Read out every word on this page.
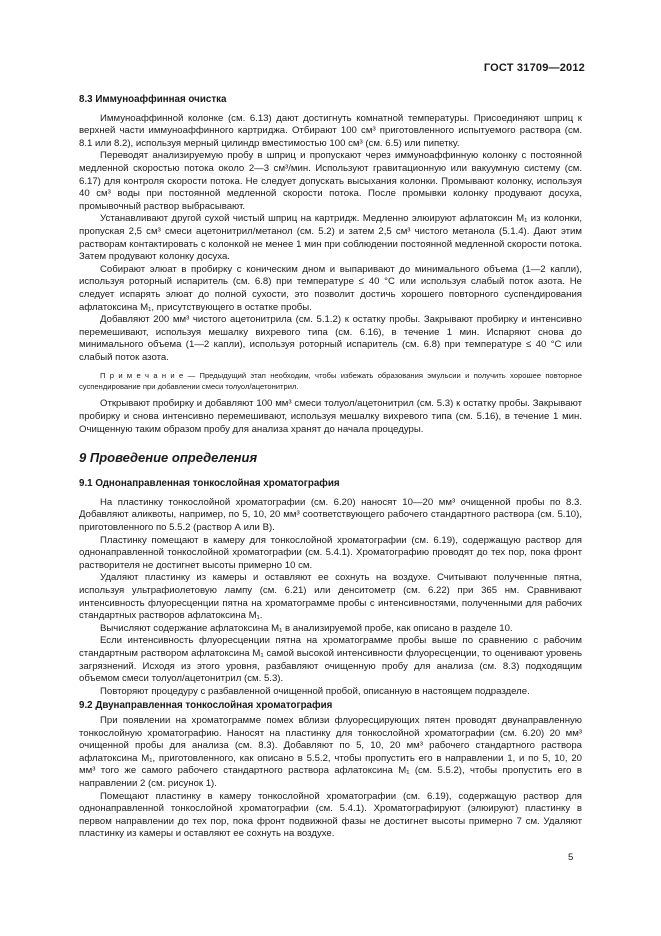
ГОСТ 31709—2012

8.3 Иммуноаффинная очистка

Иммуноаффинной колонке (см. 6.13) дают достигнуть комнатной температуры. Присоединяют шприц к верхней части иммуноаффинного картриджа. Отбирают 100 см³ приготовленного испытуемого раствора (см. 8.1 или 8.2), используя мерный цилиндр вместимостью 100 см³ (см. 6.5) или пипетку.

Переводят анализируемую пробу в шприц и пропускают через иммуноаффинную колонку с постоянной медленной скоростью потока около 2—3 см³/мин. Используют гравитационную или вакуумную систему (см. 6.17) для контроля скорости потока. Не следует допускать высыхания колонки. Промывают колонку, используя 40 см³ воды при постоянной медленной скорости потока. После промывки колонку продувают досуха, промывочный раствор выбрасывают.

Устанавливают другой сухой чистый шприц на картридж. Медленно элюируют афлатоксин M₁ из колонки, пропуская 2,5 см³ смеси ацетонитрил/метанол (см. 5.2) и затем 2,5 см³ чистого метанола (5.1.4). Дают этим растворам контактировать с колонкой не менее 1 мин при соблюдении постоянной медленной скорости потока. Затем продувают колонку досуха.

Собирают элюат в пробирку с коническим дном и выпаривают до минимального объема (1—2 капли), используя роторный испаритель (см. 6.8) при температуре ≤ 40 °С или используя слабый поток азота. Не следует испарять элюат до полной сухости, это позволит достичь хорошего повторного суспендирования афлатоксина M₁, присутствующего в остатке пробы.

Добавляют 200 мм³ чистого ацетонитрила (см. 5.1.2) к остатку пробы. Закрывают пробирку и интенсивно перемешивают, используя мешалку вихревого типа (см. 6.16), в течение 1 мин. Испаряют снова до минимального объема (1—2 капли), используя роторный испаритель (см. 6.8) при температуре ≤ 40 °С или слабый поток азота.

П р и м е ч а н и е — Предыдущий этап необходим, чтобы избежать образования эмульсии и получить хорошее повторное суспендирование при добавлении смеси толуол/ацетонитрил.

Открывают пробирку и добавляют 100 мм³ смеси толуол/ацетонитрил (см. 5.3) к остатку пробы. Закрывают пробирку и снова интенсивно перемешивают, используя мешалку вихревого типа (см. 5.16), в течение 1 мин. Очищенную таким образом пробу для анализа хранят до начала процедуры.

9 Проведение определения

9.1 Однонаправленная тонкослойная хроматография

На пластинку тонкослойной хроматографии (см. 6.20) наносят 10—20 мм³ очищенной пробы по 8.3. Добавляют аликвоты, например, по 5, 10, 20 мм³ соответствующего рабочего стандартного раствора (см. 5.10), приготовленного по 5.5.2 (раствор А или В).

Пластинку помещают в камеру для тонкослойной хроматографии (см. 6.19), содержащую раствор для однонаправленной тонкослойной хроматографии (см. 5.4.1). Хроматографию проводят до тех пор, пока фронт растворителя не достигнет высоты примерно 10 см.

Удаляют пластинку из камеры и оставляют ее сохнуть на воздухе. Считывают полученные пятна, используя ультрафиолетовую лампу (см. 6.21) или денситометр (см. 6.22) при 365 нм. Сравнивают интенсивность флуоресценции пятна на хроматограмме пробы с интенсивностями, полученными для рабочих стандартных растворов афлатоксина M₁.

Вычисляют содержание афлатоксина M₁ в анализируемой пробе, как описано в разделе 10.

Если интенсивность флуоресценции пятна на хроматограмме пробы выше по сравнению с рабочим стандартным раствором афлатоксина M₁ самой высокой интенсивности флуоресценции, то оценивают уровень загрязнений. Исходя из этого уровня, разбавляют очищенную пробу для анализа (см. 8.3) подходящим объемом смеси толуол/ацетонитрил (см. 5.3).

Повторяют процедуру с разбавленной очищенной пробой, описанную в настоящем подразделе.

9.2 Двунаправленная тонкослойная хроматография

При появлении на хроматограмме помех вблизи флуоресцирующих пятен проводят двунаправленную тонкослойную хроматографию. Наносят на пластинку для тонкослойной хроматографии (см. 6.20) 20 мм³ очищенной пробы для анализа (см. 8.3). Добавляют по 5, 10, 20 мм³ рабочего стандартного раствора афлатоксина M₁, приготовленного, как описано в 5.5.2, чтобы пропустить его в направлении 1, и по 5, 10, 20 мм³ того же самого рабочего стандартного раствора афлатоксина M₁ (см. 5.5.2), чтобы пропустить его в направлении 2 (см. рисунок 1).

Помещают пластинку в камеру тонкослойной хроматографии (см. 6.19), содержащую раствор для однонаправленной тонкослойной хроматографии (см. 5.4.1). Хроматографируют (элюируют) пластинку в первом направлении до тех пор, пока фронт подвижной фазы не достигнет высоты примерно 7 см. Удаляют пластинку из камеры и оставляют ее сохнуть на воздухе.

5
